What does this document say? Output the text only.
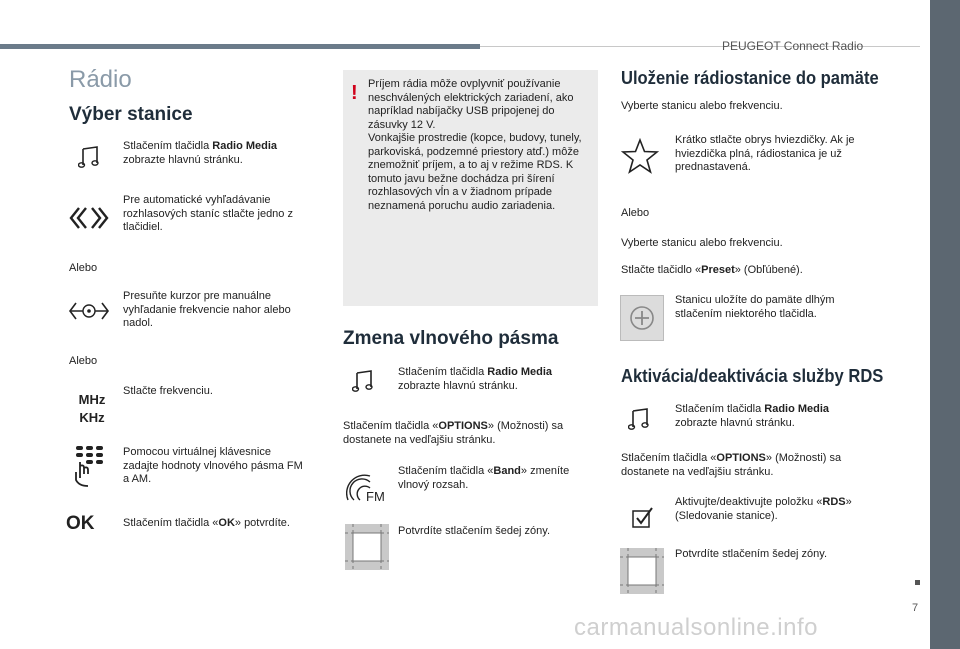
PEUGEOT Connect Radio
7
Rádio
Výber stanice
Stlačením tlačidla Radio Media zobrazte hlavnú stránku.
Pre automatické vyhľadávanie rozhlasových staníc stlačte jedno z tlačidiel.
Alebo
Presuňte kurzor pre manuálne vyhľadanie frekvencie nahor alebo nadol.
Alebo
MHz
KHz
Stlačte frekvenciu.
Pomocou virtuálnej klávesnice zadajte hodnoty vlnového pásma FM a AM.
OK	Stlačením tlačidla «OK» potvrdíte.
! Príjem rádia môže ovplyvniť používanie neschválených elektrických zariadení, ako napríklad nabíjačky USB pripojenej do zásuvky 12 V.
Vonkajšie prostredie (kopce, budovy, tunely, parkoviská, podzemné priestory atď.) môže znemožniť príjem, a to aj v režime RDS. K tomuto javu bežne dochádza pri šírení rozhlasových vĺn a v žiadnom prípade neznamená poruchu audio zariadenia.
Zmena vlnového pásma
Stlačením tlačidla Radio Media zobrazte hlavnú stránku.
Stlačením tlačidla «OPTIONS» (Možnosti) sa dostanete na vedľajšiu stránku.
FM
Stlačením tlačidla «Band» zmeníte vlnový rozsah.
Potvrdíte stlačením šedej zóny.
Uloženie rádiostanice do pamäte
Vyberte stanicu alebo frekvenciu.
Krátko stlačte obrys hviezdičky. Ak je hviezdička plná, rádiostanica je už prednastavená.
Alebo
Vyberte stanicu alebo frekvenciu.
Stlačte tlačidlo «Preset» (Obľúbené).
Stanicu uložíte do pamäte dlhým stlačením niektorého tlačidla.
Aktivácia/deaktivácia služby RDS
Stlačením tlačidla Radio Media zobrazte hlavnú stránku.
Stlačením tlačidla «OPTIONS» (Možnosti) sa dostanete na vedľajšiu stránku.
Aktivujte/deaktivujte položku «RDS» (Sledovanie stanice).
Potvrdíte stlačením šedej zóny.
carmanualsonline.info
